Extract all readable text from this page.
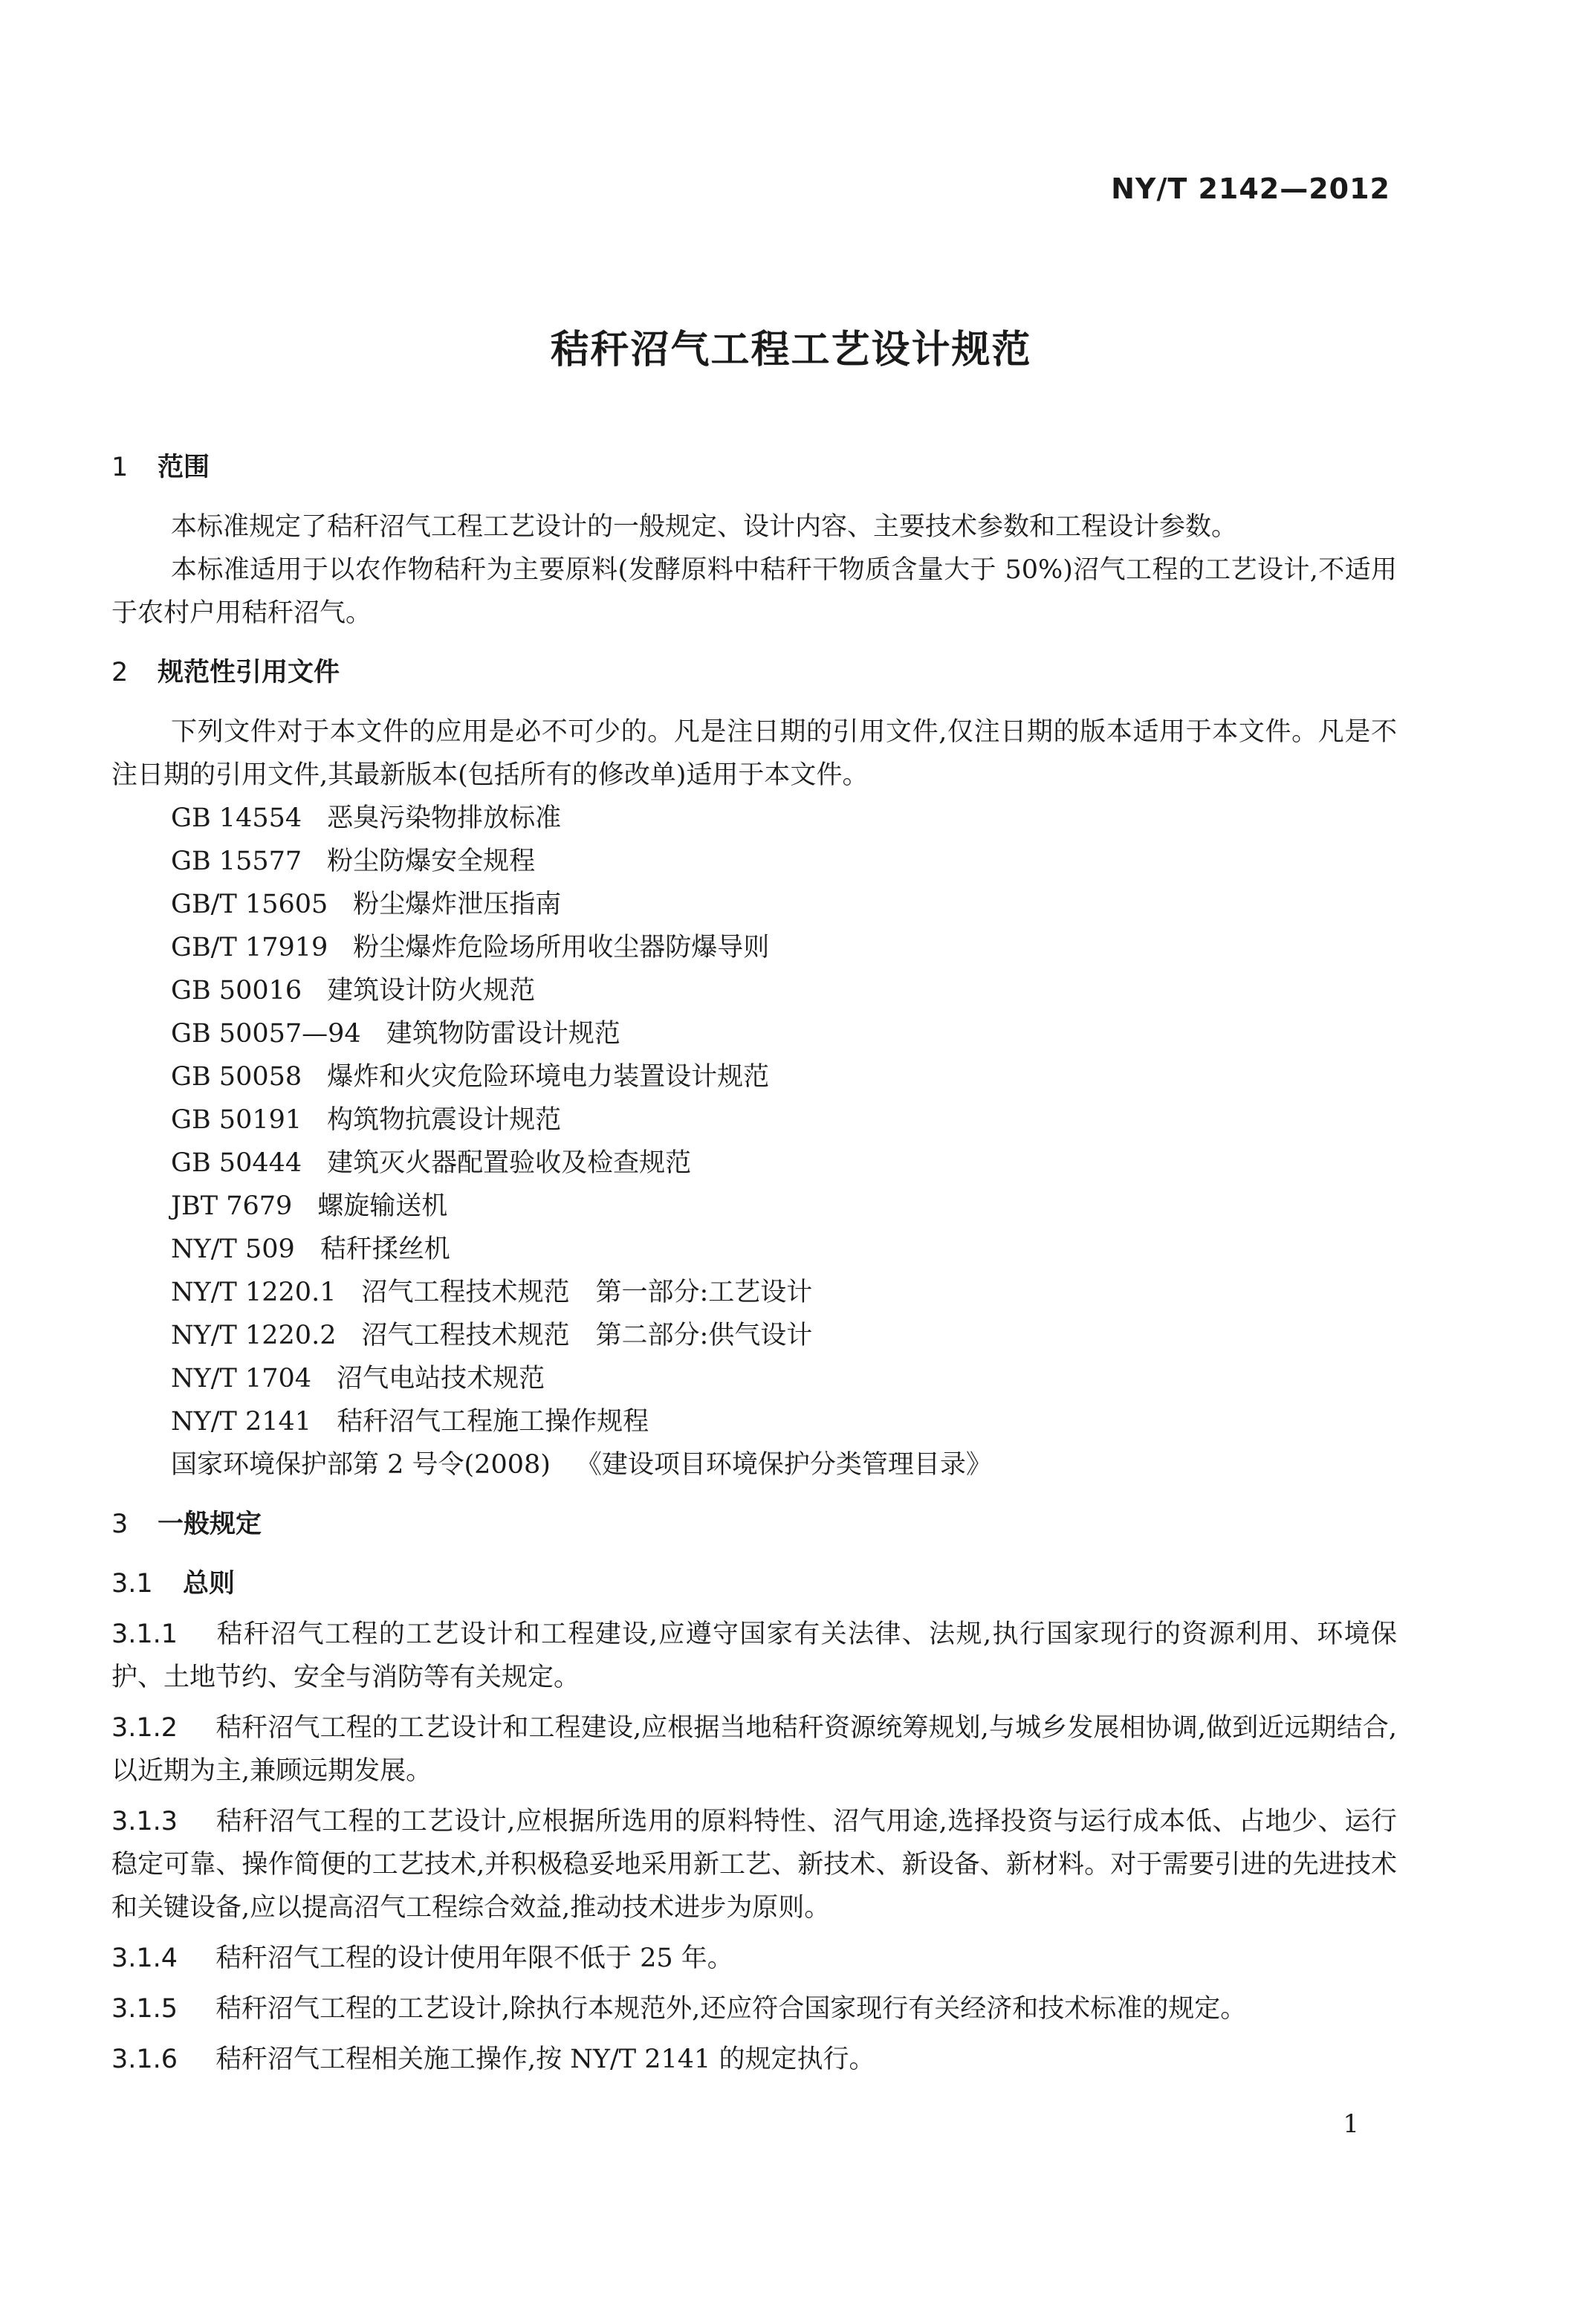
NY/T 2142—2012
秸秆沼气工程工艺设计规范

1 范围

本标准规定了秸秆沼气工程工艺设计的一般规定、设计内容、主要技术参数和工程设计参数。

本标准适用于以农作物秸秆为主要原料(发酵原料中秸秆干物质含量大于 50%)沼气工程的工艺设计,不适用于农村户用秸秆沼气。

2 规范性引用文件

下列文件对于本文件的应用是必不可少的。凡是注日期的引用文件,仅注日期的版本适用于本文件。凡是不注日期的引用文件,其最新版本(包括所有的修改单)适用于本文件。

GB 14554 恶臭污染物排放标准
GB 15577 粉尘防爆安全规程
GB/T 15605 粉尘爆炸泄压指南
GB/T 17919 粉尘爆炸危险场所用收尘器防爆导则
GB 50016 建筑设计防火规范
GB 50057—94 建筑物防雷设计规范
GB 50058 爆炸和火灾危险环境电力装置设计规范
GB 50191 构筑物抗震设计规范
GB 50444 建筑灭火器配置验收及检查规范
JBT 7679 螺旋输送机
NY/T 509 秸秆揉丝机
NY/T 1220.1 沼气工程技术规范　第一部分:工艺设计
NY/T 1220.2 沼气工程技术规范　第二部分:供气设计
NY/T 1704 沼气电站技术规范
NY/T 2141 秸秆沼气工程施工操作规程
国家环境保护部第 2 号令(2008) 《建设项目环境保护分类管理目录》

3 一般规定

3.1 总则

3.1.1 秸秆沼气工程的工艺设计和工程建设,应遵守国家有关法律、法规,执行国家现行的资源利用、环境保护、土地节约、安全与消防等有关规定。

3.1.2 秸秆沼气工程的工艺设计和工程建设,应根据当地秸秆资源统筹规划,与城乡发展相协调,做到近远期结合,以近期为主,兼顾远期发展。

3.1.3 秸秆沼气工程的工艺设计,应根据所选用的原料特性、沼气用途,选择投资与运行成本低、占地少、运行稳定可靠、操作简便的工艺技术,并积极稳妥地采用新工艺、新技术、新设备、新材料。对于需要引进的先进技术和关键设备,应以提高沼气工程综合效益,推动技术进步为原则。

3.1.4 秸秆沼气工程的设计使用年限不低于 25 年。

3.1.5 秸秆沼气工程的工艺设计,除执行本规范外,还应符合国家现行有关经济和技术标准的规定。

3.1.6 秸秆沼气工程相关施工操作,按 NY/T 2141 的规定执行。

1
